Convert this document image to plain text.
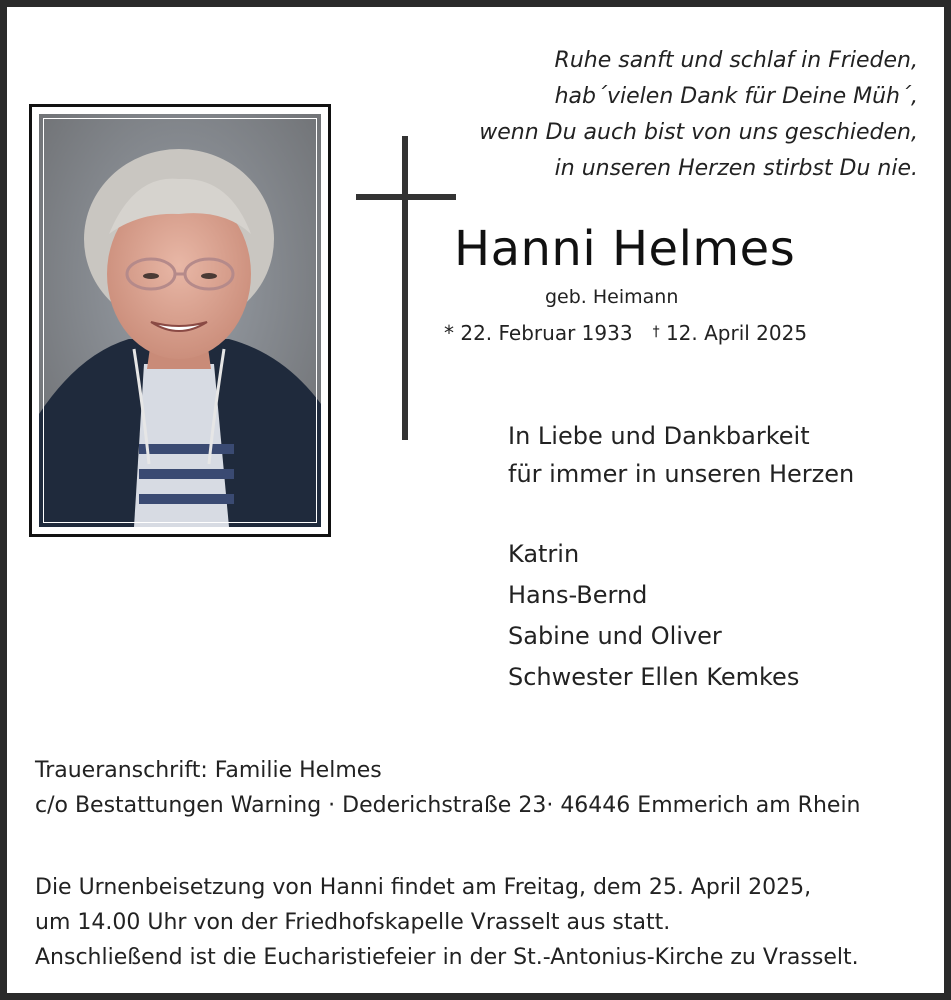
Ruhe sanft und schlaf in Frieden,
hab´vielen Dank für Deine Müh´,
wenn Du auch bist von uns geschieden,
in unseren Herzen stirbst Du nie.
Hanni Helmes
geb. Heimann
* 22. Februar 1933 † 12. April 2025
In Liebe und Dankbarkeit
für immer in unseren Herzen
Katrin
Hans-Bernd
Sabine und Oliver
Schwester Ellen Kemkes
Traueranschrift: Familie Helmes
c/o Bestattungen Warning · Dederichstraße 23· 46446 Emmerich am Rhein
Die Urnenbeisetzung von Hanni findet am Freitag, dem 25. April 2025,
um 14.00 Uhr von der Friedhofskapelle Vrasselt aus statt.
Anschließend ist die Eucharistiefeier in der St.-Antonius-Kirche zu Vrasselt.
